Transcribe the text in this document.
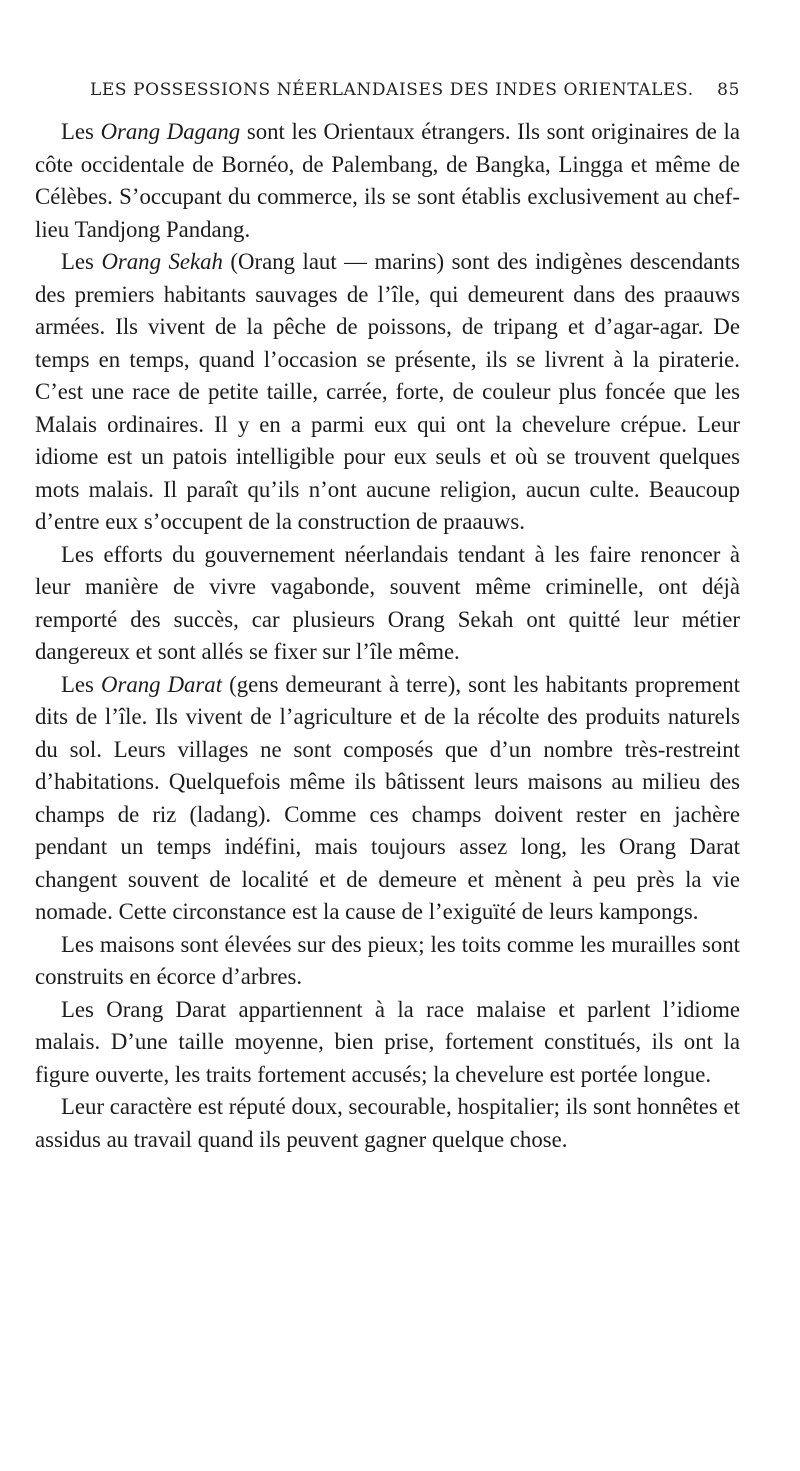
LES POSSESSIONS NÉERLANDAISES DES INDES ORIENTALES. 85

Les Orang Dagang sont les Orientaux étrangers. Ils sont originaires de la côte occidentale de Bornéo, de Palembang, de Bangka, Lingga et même de Célèbes. S’occupant du commerce, ils se sont établis exclusivement au chef-lieu Tandjong Pandang.

Les Orang Sekah (Orang laut — marins) sont des indigènes descendants des premiers habitants sauvages de l’île, qui demeurent dans des praauws armées. Ils vivent de la pêche de poissons, de tripang et d’agar-agar. De temps en temps, quand l’occasion se présente, ils se livrent à la piraterie. C’est une race de petite taille, carrée, forte, de couleur plus foncée que les Malais ordinaires. Il y en a parmi eux qui ont la chevelure crépue. Leur idiome est un patois intelligible pour eux seuls et où se trouvent quelques mots malais. Il paraît qu’ils n’ont aucune religion, aucun culte. Beaucoup d’entre eux s’occupent de la construction de praauws.

Les efforts du gouvernement néerlandais tendant à les faire renoncer à leur manière de vivre vagabonde, souvent même criminelle, ont déjà remporté des succès, car plusieurs Orang Sekah ont quitté leur métier dangereux et sont allés se fixer sur l’île même.

Les Orang Darat (gens demeurant à terre), sont les habitants proprement dits de l’île. Ils vivent de l’agriculture et de la récolte des produits naturels du sol. Leurs villages ne sont composés que d’un nombre très-restreint d’habitations. Quelquefois même ils bâtissent leurs maisons au milieu des champs de riz (ladang). Comme ces champs doivent rester en jachère pendant un temps indéfini, mais toujours assez long, les Orang Darat changent souvent de localité et de demeure et mènent à peu près la vie nomade. Cette circonstance est la cause de l’exiguïté de leurs kampongs.

Les maisons sont élevées sur des pieux; les toits comme les murailles sont construits en écorce d’arbres.

Les Orang Darat appartiennent à la race malaise et parlent l’idiome malais. D’une taille moyenne, bien prise, fortement constitués, ils ont la figure ouverte, les traits fortement accusés; la chevelure est portée longue.

Leur caractère est réputé doux, secourable, hospitalier; ils sont honnêtes et assidus au travail quand ils peuvent gagner quelque chose.
